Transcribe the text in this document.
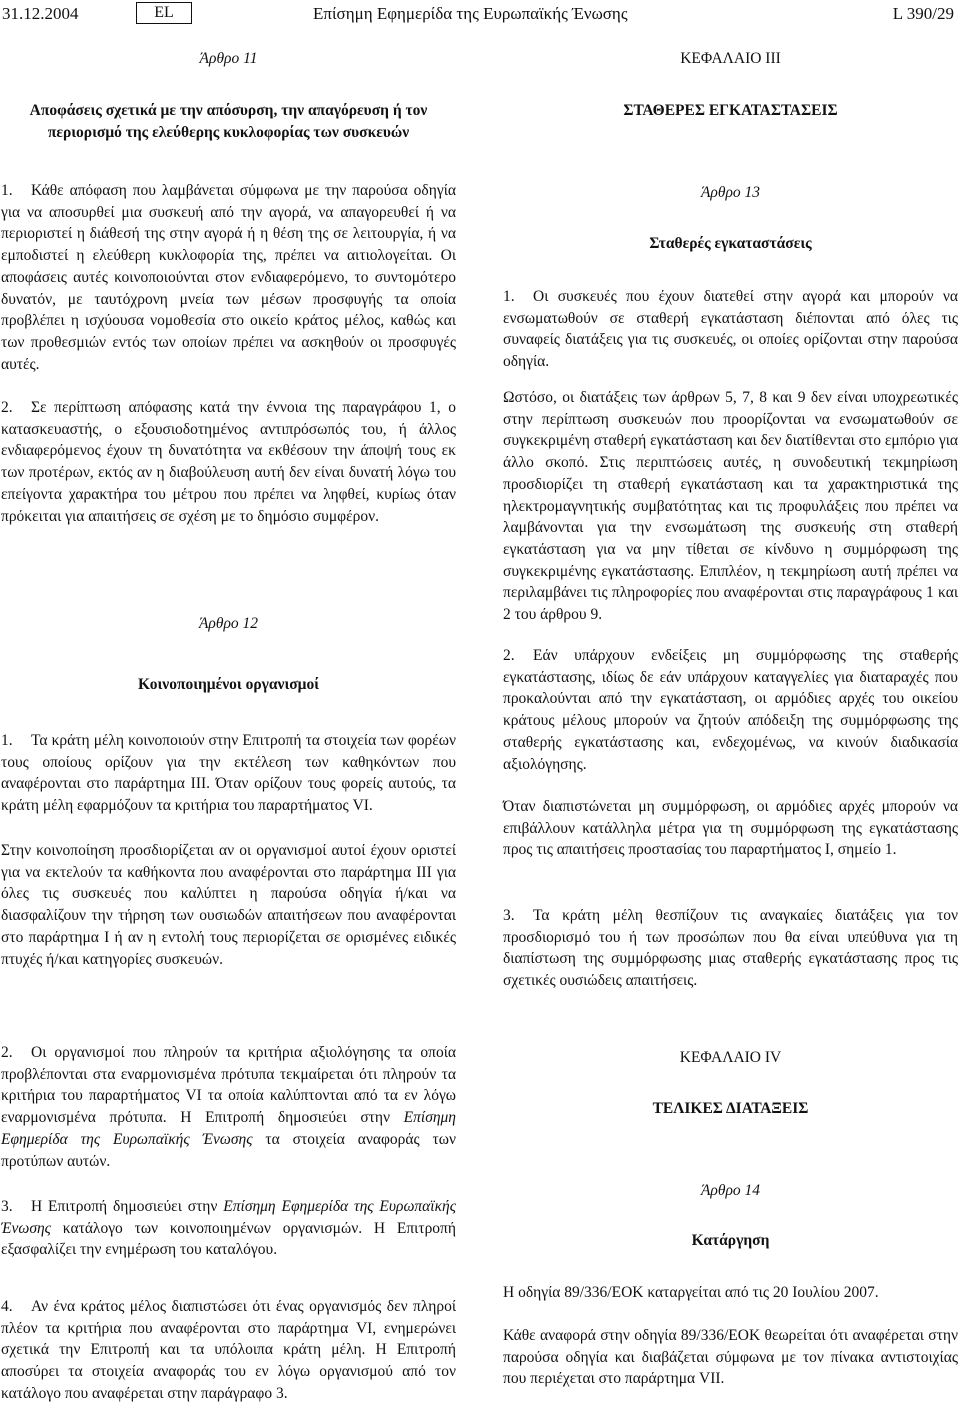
31.12.2004	EL	Επίσημη Εφημερίδα της Ευρωπαϊκής Ένωσης	L 390/29

Άρθρο 11

Αποφάσεις σχετικά με την απόσυρση, την απαγόρευση ή τον περιορισμό της ελεύθερης κυκλοφορίας των συσκευών

1. Κάθε απόφαση που λαμβάνεται σύμφωνα με την παρούσα οδηγία για να αποσυρθεί μια συσκευή από την αγορά, να απαγορευθεί ή να περιοριστεί η διάθεσή της στην αγορά ή η θέση της σε λειτουργία, ή να εμποδιστεί η ελεύθερη κυκλοφορία της, πρέπει να αιτιολογείται. Οι αποφάσεις αυτές κοινοποιούνται στον ενδιαφερόμενο, το συντομότερο δυνατόν, με ταυτόχρονη μνεία των μέσων προσφυγής τα οποία προβλέπει η ισχύουσα νομοθεσία στο οικείο κράτος μέλος, καθώς και των προθεσμιών εντός των οποίων πρέπει να ασκηθούν οι προσφυγές αυτές.

2. Σε περίπτωση απόφασης κατά την έννοια της παραγράφου 1, ο κατασκευαστής, ο εξουσιοδοτημένος αντιπρόσωπός του, ή άλλος ενδιαφερόμενος έχουν τη δυνατότητα να εκθέσουν την άποψή τους εκ των προτέρων, εκτός αν η διαβούλευση αυτή δεν είναι δυνατή λόγω του επείγοντα χαρακτήρα του μέτρου που πρέπει να ληφθεί, κυρίως όταν πρόκειται για απαιτήσεις σε σχέση με το δημόσιο συμφέρον.

Άρθρο 12

Κοινοποιημένοι οργανισμοί

1. Τα κράτη μέλη κοινοποιούν στην Επιτροπή τα στοιχεία των φορέων τους οποίους ορίζουν για την εκτέλεση των καθηκόντων που αναφέρονται στο παράρτημα III. Όταν ορίζουν τους φορείς αυτούς, τα κράτη μέλη εφαρμόζουν τα κριτήρια του παραρτήματος VI.

Στην κοινοποίηση προσδιορίζεται αν οι οργανισμοί αυτοί έχουν οριστεί για να εκτελούν τα καθήκοντα που αναφέρονται στο παράρτημα III για όλες τις συσκευές που καλύπτει η παρούσα οδηγία ή/και να διασφαλίζουν την τήρηση των ουσιωδών απαιτήσεων που αναφέρονται στο παράρτημα I ή αν η εντολή τους περιορίζεται σε ορισμένες ειδικές πτυχές ή/και κατηγορίες συσκευών.

2. Οι οργανισμοί που πληρούν τα κριτήρια αξιολόγησης τα οποία προβλέπονται στα εναρμονισμένα πρότυπα τεκμαίρεται ότι πληρούν τα κριτήρια του παραρτήματος VI τα οποία καλύπτονται από τα εν λόγω εναρμονισμένα πρότυπα. Η Επιτροπή δημοσιεύει στην Επίσημη Εφημερίδα της Ευρωπαϊκής Ένωσης τα στοιχεία αναφοράς των προτύπων αυτών.

3. Η Επιτροπή δημοσιεύει στην Επίσημη Εφημερίδα της Ευρωπαϊκής Ένωσης κατάλογο των κοινοποιημένων οργανισμών. Η Επιτροπή εξασφαλίζει την ενημέρωση του καταλόγου.

4. Αν ένα κράτος μέλος διαπιστώσει ότι ένας οργανισμός δεν πληροί πλέον τα κριτήρια που αναφέρονται στο παράρτημα VI, ενημερώνει σχετικά την Επιτροπή και τα υπόλοιπα κράτη μέλη. Η Επιτροπή αποσύρει τα στοιχεία αναφοράς του εν λόγω οργανισμού από τον κατάλογο που αναφέρεται στην παράγραφο 3.

ΚΕΦΑΛΑΙΟ III

ΣΤΑΘΕΡΕΣ ΕΓΚΑΤΑΣΤΑΣΕΙΣ

Άρθρο 13

Σταθερές εγκαταστάσεις

1. Οι συσκευές που έχουν διατεθεί στην αγορά και μπορούν να ενσωματωθούν σε σταθερή εγκατάσταση διέπονται από όλες τις συναφείς διατάξεις για τις συσκευές, οι οποίες ορίζονται στην παρούσα οδηγία.

Ωστόσο, οι διατάξεις των άρθρων 5, 7, 8 και 9 δεν είναι υποχρεωτικές στην περίπτωση συσκευών που προορίζονται να ενσωματωθούν σε συγκεκριμένη σταθερή εγκατάσταση και δεν διατίθενται στο εμπόριο για άλλο σκοπό. Στις περιπτώσεις αυτές, η συνοδευτική τεκμηρίωση προσδιορίζει τη σταθερή εγκατάσταση και τα χαρακτηριστικά της ηλεκτρομαγνητικής συμβατότητας και τις προφυλάξεις που πρέπει να λαμβάνονται για την ενσωμάτωση της συσκευής στη σταθερή εγκατάσταση για να μην τίθεται σε κίνδυνο η συμμόρφωση της συγκεκριμένης εγκατάστασης. Επιπλέον, η τεκμηρίωση αυτή πρέπει να περιλαμβάνει τις πληροφορίες που αναφέρονται στις παραγράφους 1 και 2 του άρθρου 9.

2. Εάν υπάρχουν ενδείξεις μη συμμόρφωσης της σταθερής εγκατάστασης, ιδίως δε εάν υπάρχουν καταγγελίες για διαταραχές που προκαλούνται από την εγκατάσταση, οι αρμόδιες αρχές του οικείου κράτους μέλους μπορούν να ζητούν απόδειξη της συμμόρφωσης της σταθερής εγκατάστασης και, ενδεχομένως, να κινούν διαδικασία αξιολόγησης.

Όταν διαπιστώνεται μη συμμόρφωση, οι αρμόδιες αρχές μπορούν να επιβάλλουν κατάλληλα μέτρα για τη συμμόρφωση της εγκατάστασης προς τις απαιτήσεις προστασίας του παραρτήματος I, σημείο 1.

3. Τα κράτη μέλη θεσπίζουν τις αναγκαίες διατάξεις για τον προσδιορισμό του ή των προσώπων που θα είναι υπεύθυνα για τη διαπίστωση της συμμόρφωσης μιας σταθερής εγκατάστασης προς τις σχετικές ουσιώδεις απαιτήσεις.

ΚΕΦΑΛΑΙΟ IV

ΤΕΛΙΚΕΣ ΔΙΑΤΑΞΕΙΣ

Άρθρο 14

Κατάργηση

Η οδηγία 89/336/ΕΟΚ καταργείται από τις 20 Ιουλίου 2007.

Κάθε αναφορά στην οδηγία 89/336/ΕΟΚ θεωρείται ότι αναφέρεται στην παρούσα οδηγία και διαβάζεται σύμφωνα με τον πίνακα αντιστοιχίας που περιέχεται στο παράρτημα VII.
